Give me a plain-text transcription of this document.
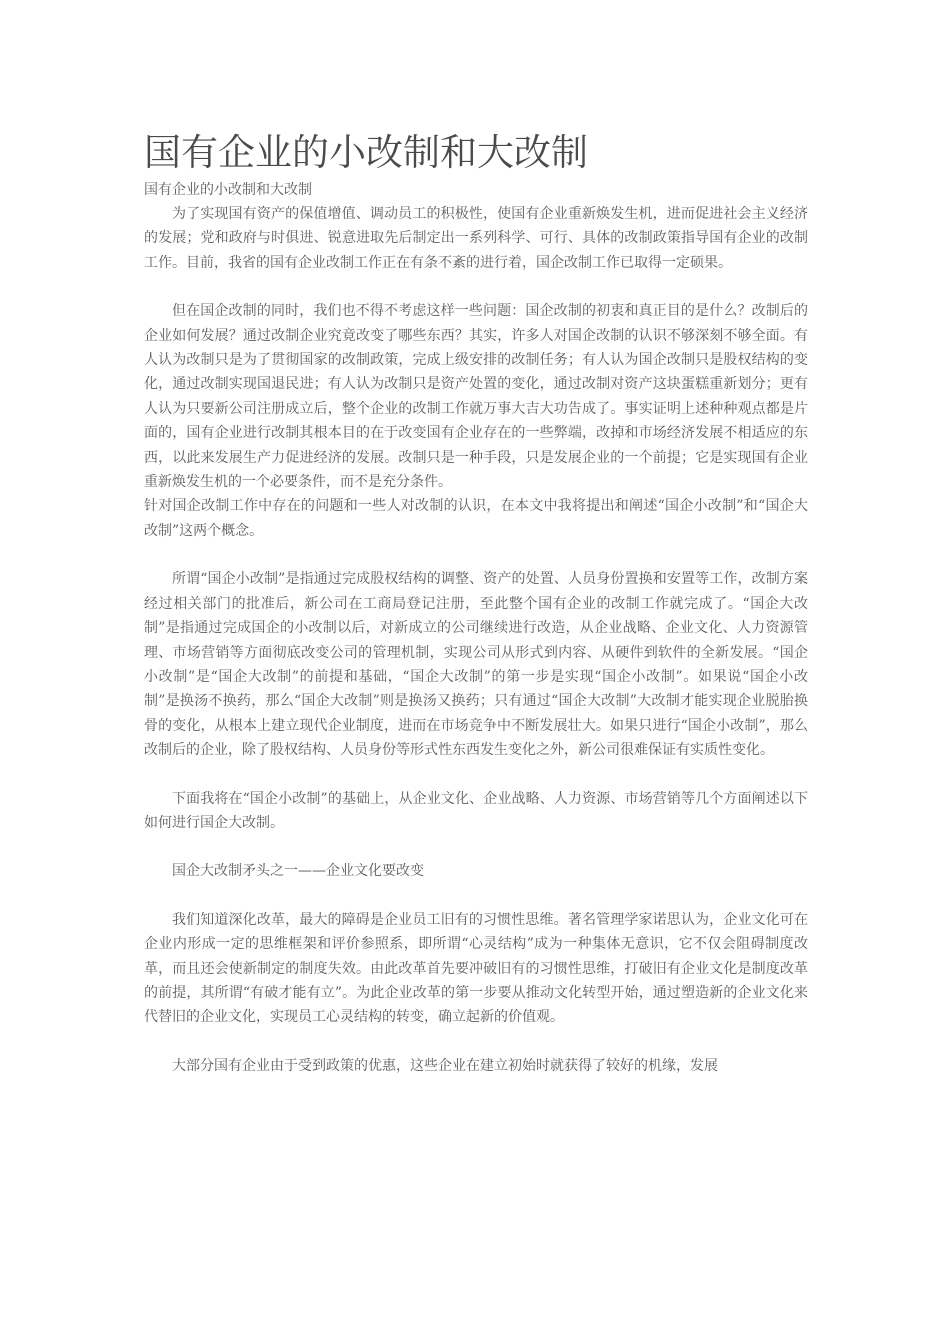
国有企业的小改制和大改制

国有企业的小改制和大改制

为了实现国有资产的保值增值、调动员工的积极性，使国有企业重新焕发生机，进而促进社会主义经济的发展；党和政府与时俱进、锐意进取先后制定出一系列科学、可行、具体的改制政策指导国有企业的改制工作。目前，我省的国有企业改制工作正在有条不紊的进行着，国企改制工作已取得一定硕果。

但在国企改制的同时，我们也不得不考虑这样一些问题：国企改制的初衷和真正目的是什么？改制后的企业如何发展？通过改制企业究竟改变了哪些东西？其实，许多人对国企改制的认识不够深刻不够全面。有人认为改制只是为了贯彻国家的改制政策，完成上级安排的改制任务；有人认为国企改制只是股权结构的变化，通过改制实现国退民进；有人认为改制只是资产处置的变化，通过改制对资产这块蛋糕重新划分；更有人认为只要新公司注册成立后，整个企业的改制工作就万事大吉大功告成了。事实证明上述种种观点都是片面的，国有企业进行改制其根本目的在于改变国有企业存在的一些弊端，改掉和市场经济发展不相适应的东西，以此来发展生产力促进经济的发展。改制只是一种手段，只是发展企业的一个前提；它是实现国有企业重新焕发生机的一个必要条件，而不是充分条件。

针对国企改制工作中存在的问题和一些人对改制的认识，在本文中我将提出和阐述“国企小改制”和“国企大改制”这两个概念。

所谓“国企小改制”是指通过完成股权结构的调整、资产的处置、人员身份置换和安置等工作，改制方案经过相关部门的批准后，新公司在工商局登记注册，至此整个国有企业的改制工作就完成了。“国企大改制”是指通过完成国企的小改制以后，对新成立的公司继续进行改造，从企业战略、企业文化、人力资源管理、市场营销等方面彻底改变公司的管理机制，实现公司从形式到内容、从硬件到软件的全新发展。“国企小改制”是“国企大改制”的前提和基础，“国企大改制”的第一步是实现“国企小改制”。如果说“国企小改制”是换汤不换药，那么“国企大改制”则是换汤又换药；只有通过“国企大改制”大改制才能实现企业脱胎换骨的变化，从根本上建立现代企业制度，进而在市场竞争中不断发展壮大。如果只进行“国企小改制”，那么改制后的企业，除了股权结构、人员身份等形式性东西发生变化之外，新公司很难保证有实质性变化。

下面我将在“国企小改制”的基础上，从企业文化、企业战略、人力资源、市场营销等几个方面阐述以下如何进行国企大改制。

国企大改制矛头之一——企业文化要改变

我们知道深化改革，最大的障碍是企业员工旧有的习惯性思维。著名管理学家诺思认为，企业文化可在企业内形成一定的思维框架和评价参照系，即所谓“心灵结构”成为一种集体无意识，它不仅会阻碍制度改革，而且还会使新制定的制度失效。由此改革首先要冲破旧有的习惯性思维，打破旧有企业文化是制度改革的前提，其所谓“有破才能有立”。为此企业改革的第一步要从推动文化转型开始，通过塑造新的企业文化来代替旧的企业文化，实现员工心灵结构的转变，确立起新的价值观。

大部分国有企业由于受到政策的优惠，这些企业在建立初始时就获得了较好的机缘，发展
